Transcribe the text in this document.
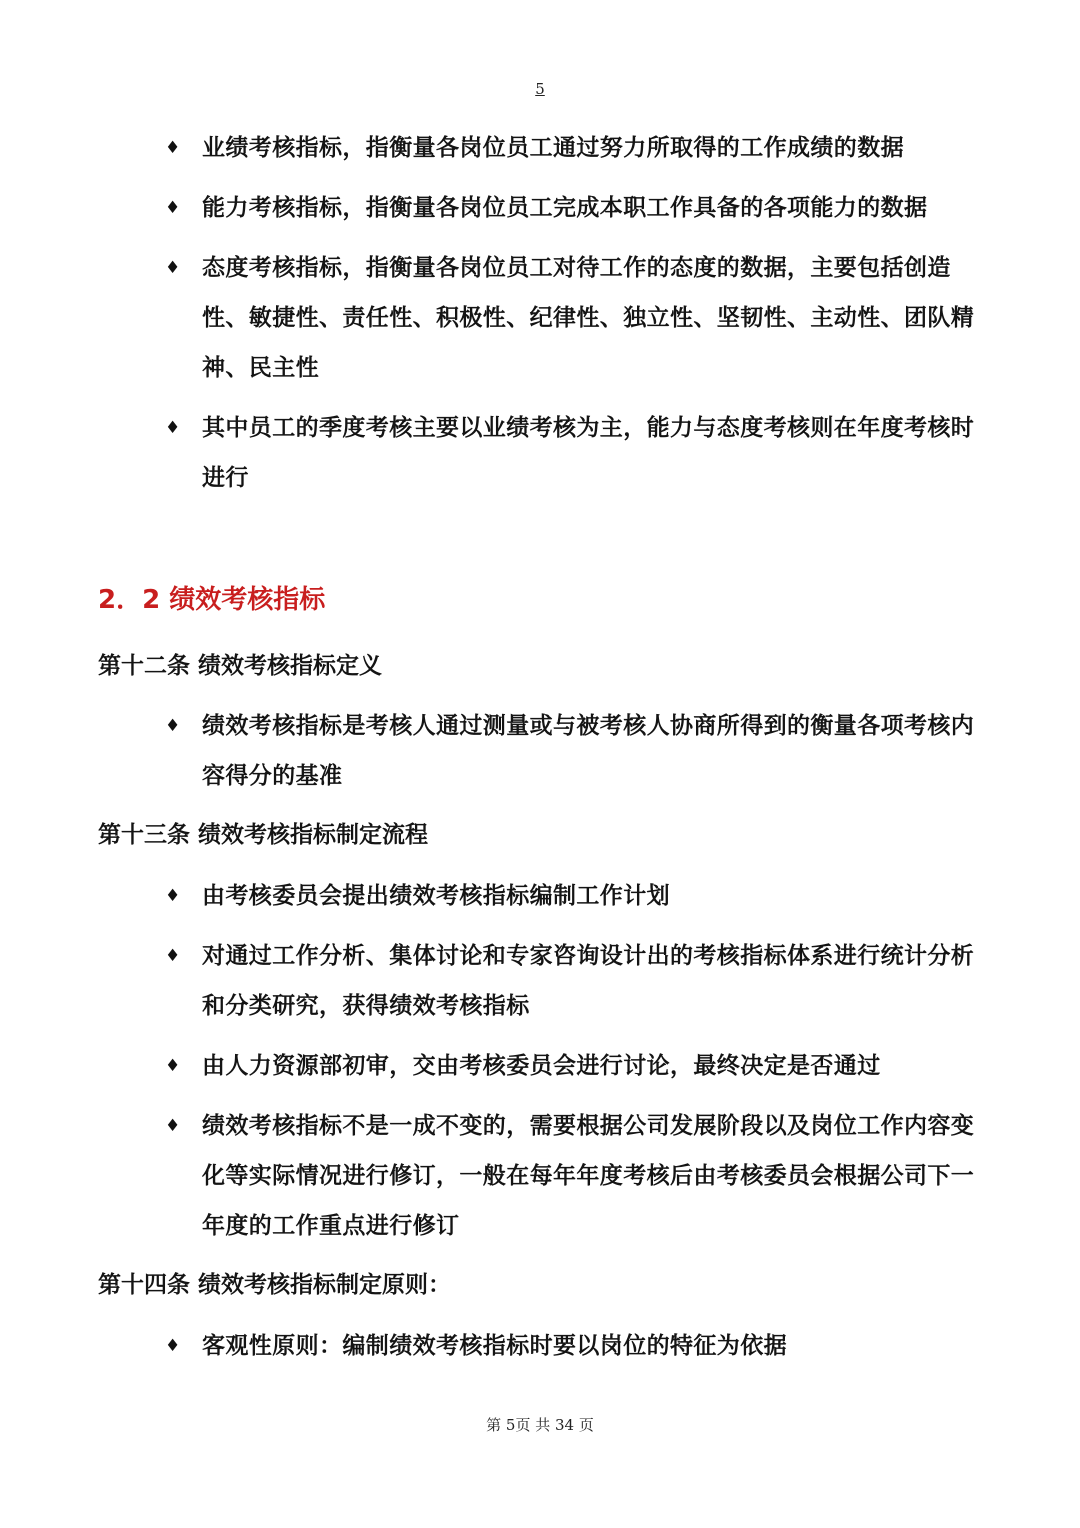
5
♦ 业绩考核指标，指衡量各岗位员工通过努力所取得的工作成绩的数据
♦ 能力考核指标，指衡量各岗位员工完成本职工作具备的各项能力的数据
♦ 态度考核指标，指衡量各岗位员工对待工作的态度的数据，主要包括创造性、敏捷性、责任性、积极性、纪律性、独立性、坚韧性、主动性、团队精神、民主性
♦ 其中员工的季度考核主要以业绩考核为主，能力与态度考核则在年度考核时进行
2．2 绩效考核指标
第十二条 绩效考核指标定义
♦ 绩效考核指标是考核人通过测量或与被考核人协商所得到的衡量各项考核内容得分的基准
第十三条 绩效考核指标制定流程
♦ 由考核委员会提出绩效考核指标编制工作计划
♦ 对通过工作分析、集体讨论和专家咨询设计出的考核指标体系进行统计分析和分类研究，获得绩效考核指标
♦ 由人力资源部初审，交由考核委员会进行讨论，最终决定是否通过
♦ 绩效考核指标不是一成不变的，需要根据公司发展阶段以及岗位工作内容变化等实际情况进行修订，一般在每年年度考核后由考核委员会根据公司下一年度的工作重点进行修订
第十四条 绩效考核指标制定原则：
♦ 客观性原则：编制绩效考核指标时要以岗位的特征为依据
第 5页 共 34 页
